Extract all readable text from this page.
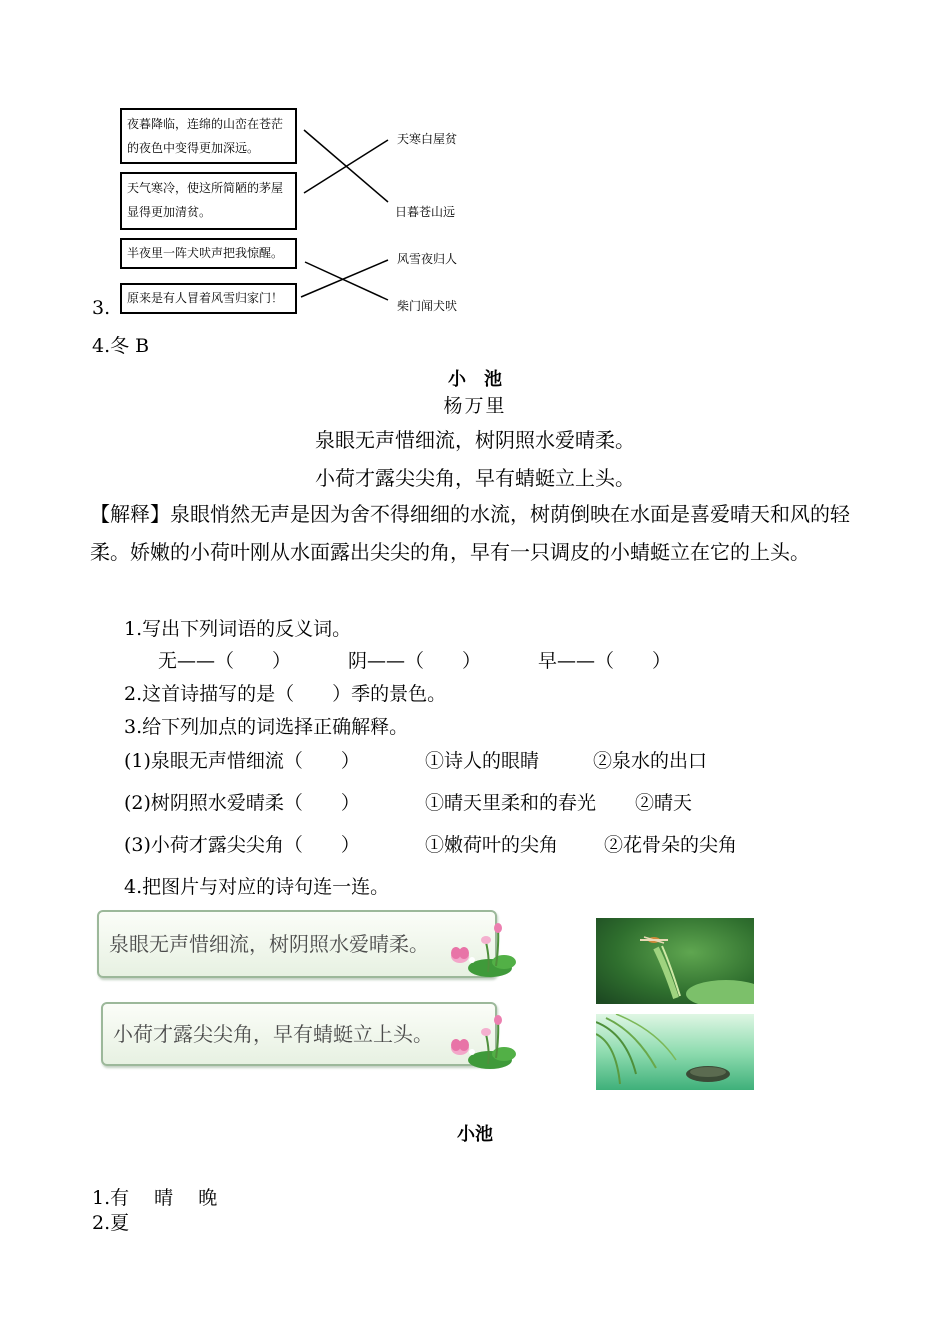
夜暮降临，连绵的山峦在苍茫的夜色中变得更加深远。
天气寒冷，使这所简陋的茅屋显得更加清贫。
半夜里一阵犬吠声把我惊醒。
原来是有人冒着风雪归家门！
天寒白屋贫
日暮苍山远
风雪夜归人
柴门闻犬吠
3.
4.冬 B
小　池
杨万里
泉眼无声惜细流，树阴照水爱晴柔。
小荷才露尖尖角，早有蜻蜓立上头。
【解释】泉眼悄然无声是因为舍不得细细的水流，树荫倒映在水面是喜爱晴天和风的轻柔。娇嫩的小荷叶刚从水面露出尖尖的角，早有一只调皮的小蜻蜓立在它的上头。
1.写出下列词语的反义词。
无——（　　）	阴——（　　）	早——（　　）
2.这首诗描写的是（　　）季的景色。
3.给下列加点的词选择正确解释。
(1)泉眼无声惜细流（　　）	①诗人的眼睛	②泉水的出口
(2)树阴照水爱晴柔（　　）	①晴天里柔和的春光 ②晴天
(3)小荷才露尖尖角（　　）	①嫩荷叶的尖角 ②花骨朵的尖角
4.把图片与对应的诗句连一连。
泉眼无声惜细流，树阴照水爱晴柔。
小荷才露尖尖角，早有蜻蜓立上头。
小池
1.有　 晴　 晚
2.夏
